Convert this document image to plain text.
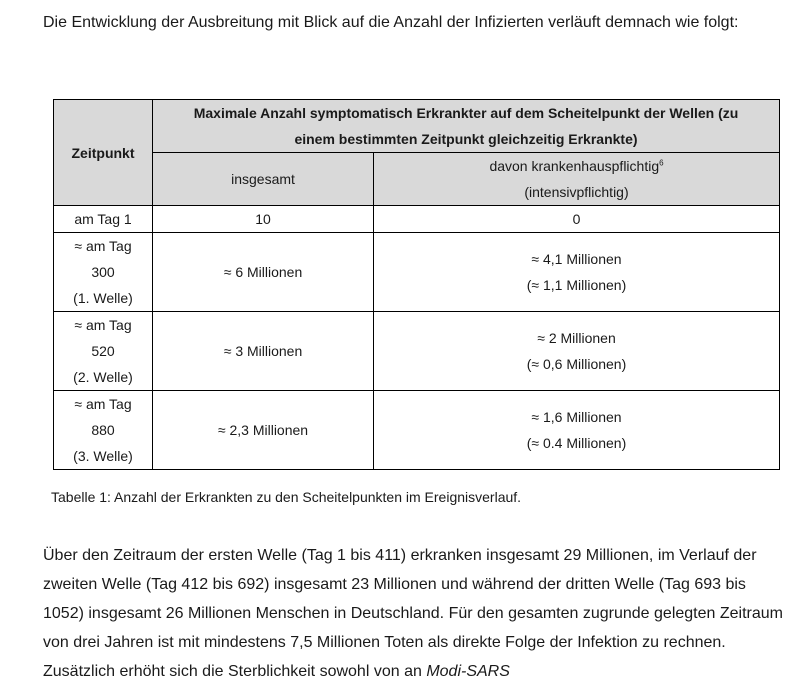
Die Entwicklung der Ausbreitung mit Blick auf die Anzahl der Infizierten verläuft demnach wie folgt:

Zeitpunkt	Maximale Anzahl symptomatisch Erkrankter auf dem Scheitelpunkt der Wellen (zu
einem bestimmten Zeitpunkt gleichzeitig Erkrankte)	

	insgesamt	davon krankenhauspflichtig$^6$
(intensivpflichtig)

am Tag 1	10	0

≈ am Tag
300
(1. Welle)	≈ 6 Millionen	≈ 4,1 Millionen
(≈ 1,1 Millionen)

≈ am Tag
520
(2. Welle)	≈ 3 Millionen	≈ 2 Millionen
(≈ 0,6 Millionen)

≈ am Tag
880
(3. Welle)	≈ 2,3 Millionen	≈ 1,6 Millionen
(≈ 0.4 Millionen)

Tabelle 1: Anzahl der Erkrankten zu den Scheitelpunkten im Ereignisverlauf.

Über den Zeitraum der ersten Welle (Tag 1 bis 411) erkranken insgesamt 29 Millionen, im Verlauf der zweiten Welle (Tag 412 bis 692) insgesamt 23 Millionen und während der dritten Welle (Tag 693 bis 1052) insgesamt 26 Millionen Menschen in Deutschland. Für den gesamten zugrunde gelegten Zeitraum von drei Jahren ist mit mindestens 7,5 Millionen Toten als direkte Folge der Infektion zu rechnen. Zusätzlich erhöht sich die Sterblichkeit sowohl von an Modi-SARS
